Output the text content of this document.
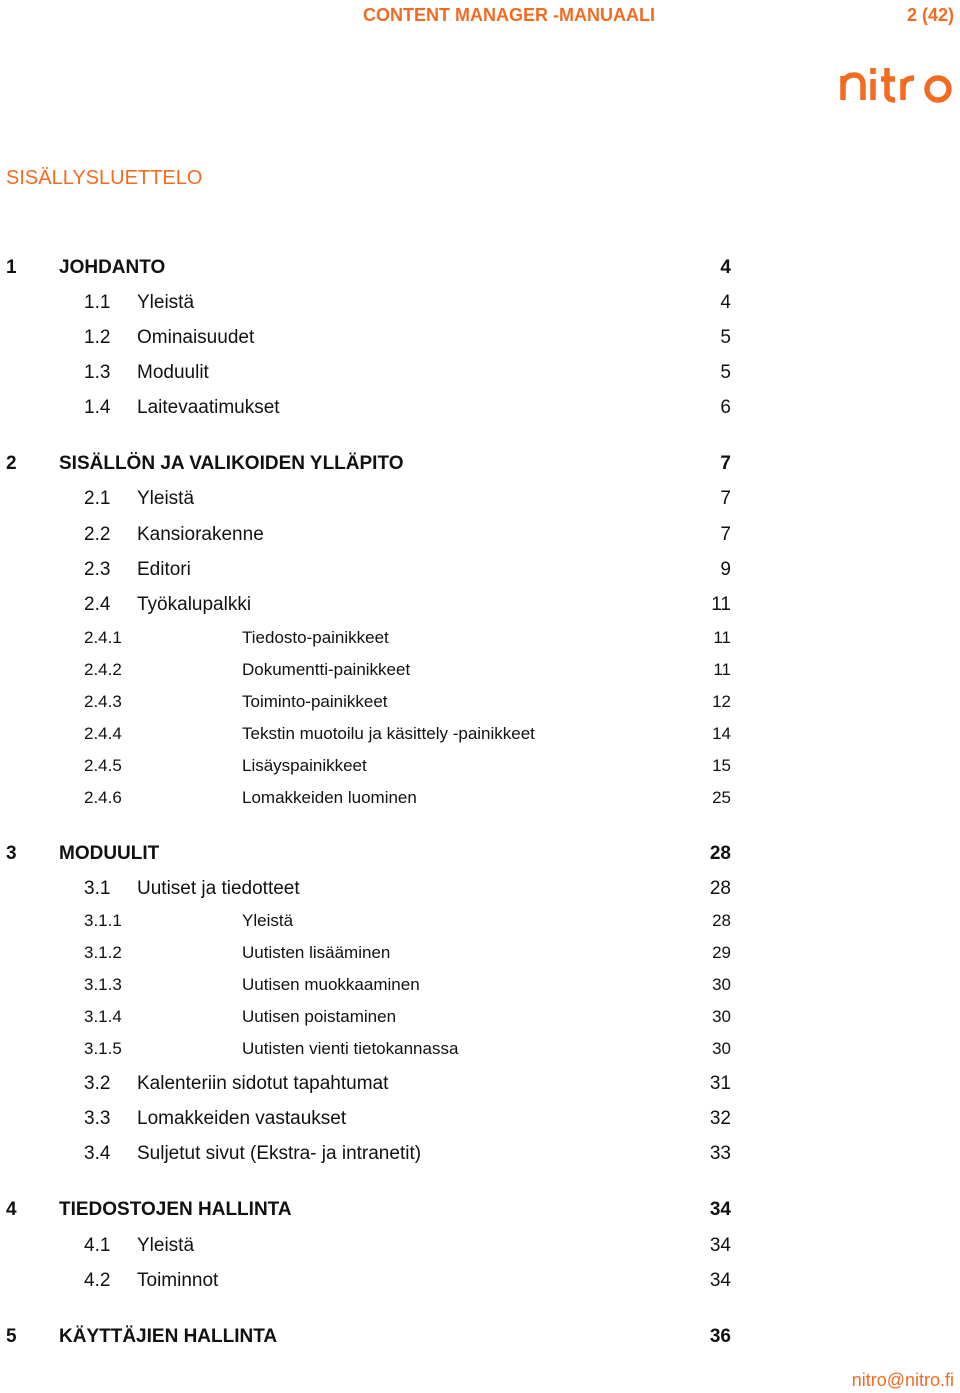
CONTENT MANAGER -MANUAALI	2 (42)
SISÄLLYSLUETTELO
1 JOHDANTO	4
1.1 Yleistä	4
1.2 Ominaisuudet	5
1.3 Moduulit	5
1.4 Laitevaatimukset	6
2 SISÄLLÖN JA VALIKOIDEN YLLÄPITO	7
2.1 Yleistä	7
2.2 Kansiorakenne	7
2.3 Editori	9
2.4 Työkalupalkki	11
2.4.1	Tiedosto-painikkeet	11
2.4.2	Dokumentti-painikkeet	11
2.4.3	Toiminto-painikkeet	12
2.4.4	Tekstin muotoilu ja käsittely -painikkeet	14
2.4.5	Lisäyspainikkeet	15
2.4.6	Lomakkeiden luominen	25
3 MODUULIT	28
3.1 Uutiset ja tiedotteet	28
3.1.1	Yleistä	28
3.1.2	Uutisten lisääminen	29
3.1.3	Uutisen muokkaaminen	30
3.1.4	Uutisen poistaminen	30
3.1.5	Uutisten vienti tietokannassa	30
3.2 Kalenteriin sidotut tapahtumat	31
3.3 Lomakkeiden vastaukset	32
3.4 Suljetut sivut (Ekstra- ja intranetit)	33
4 TIEDOSTOJEN HALLINTA	34
4.1 Yleistä	34
4.2 Toiminnot	34
5 KÄYTTÄJIEN HALLINTA	36
nitro@nitro.fi
